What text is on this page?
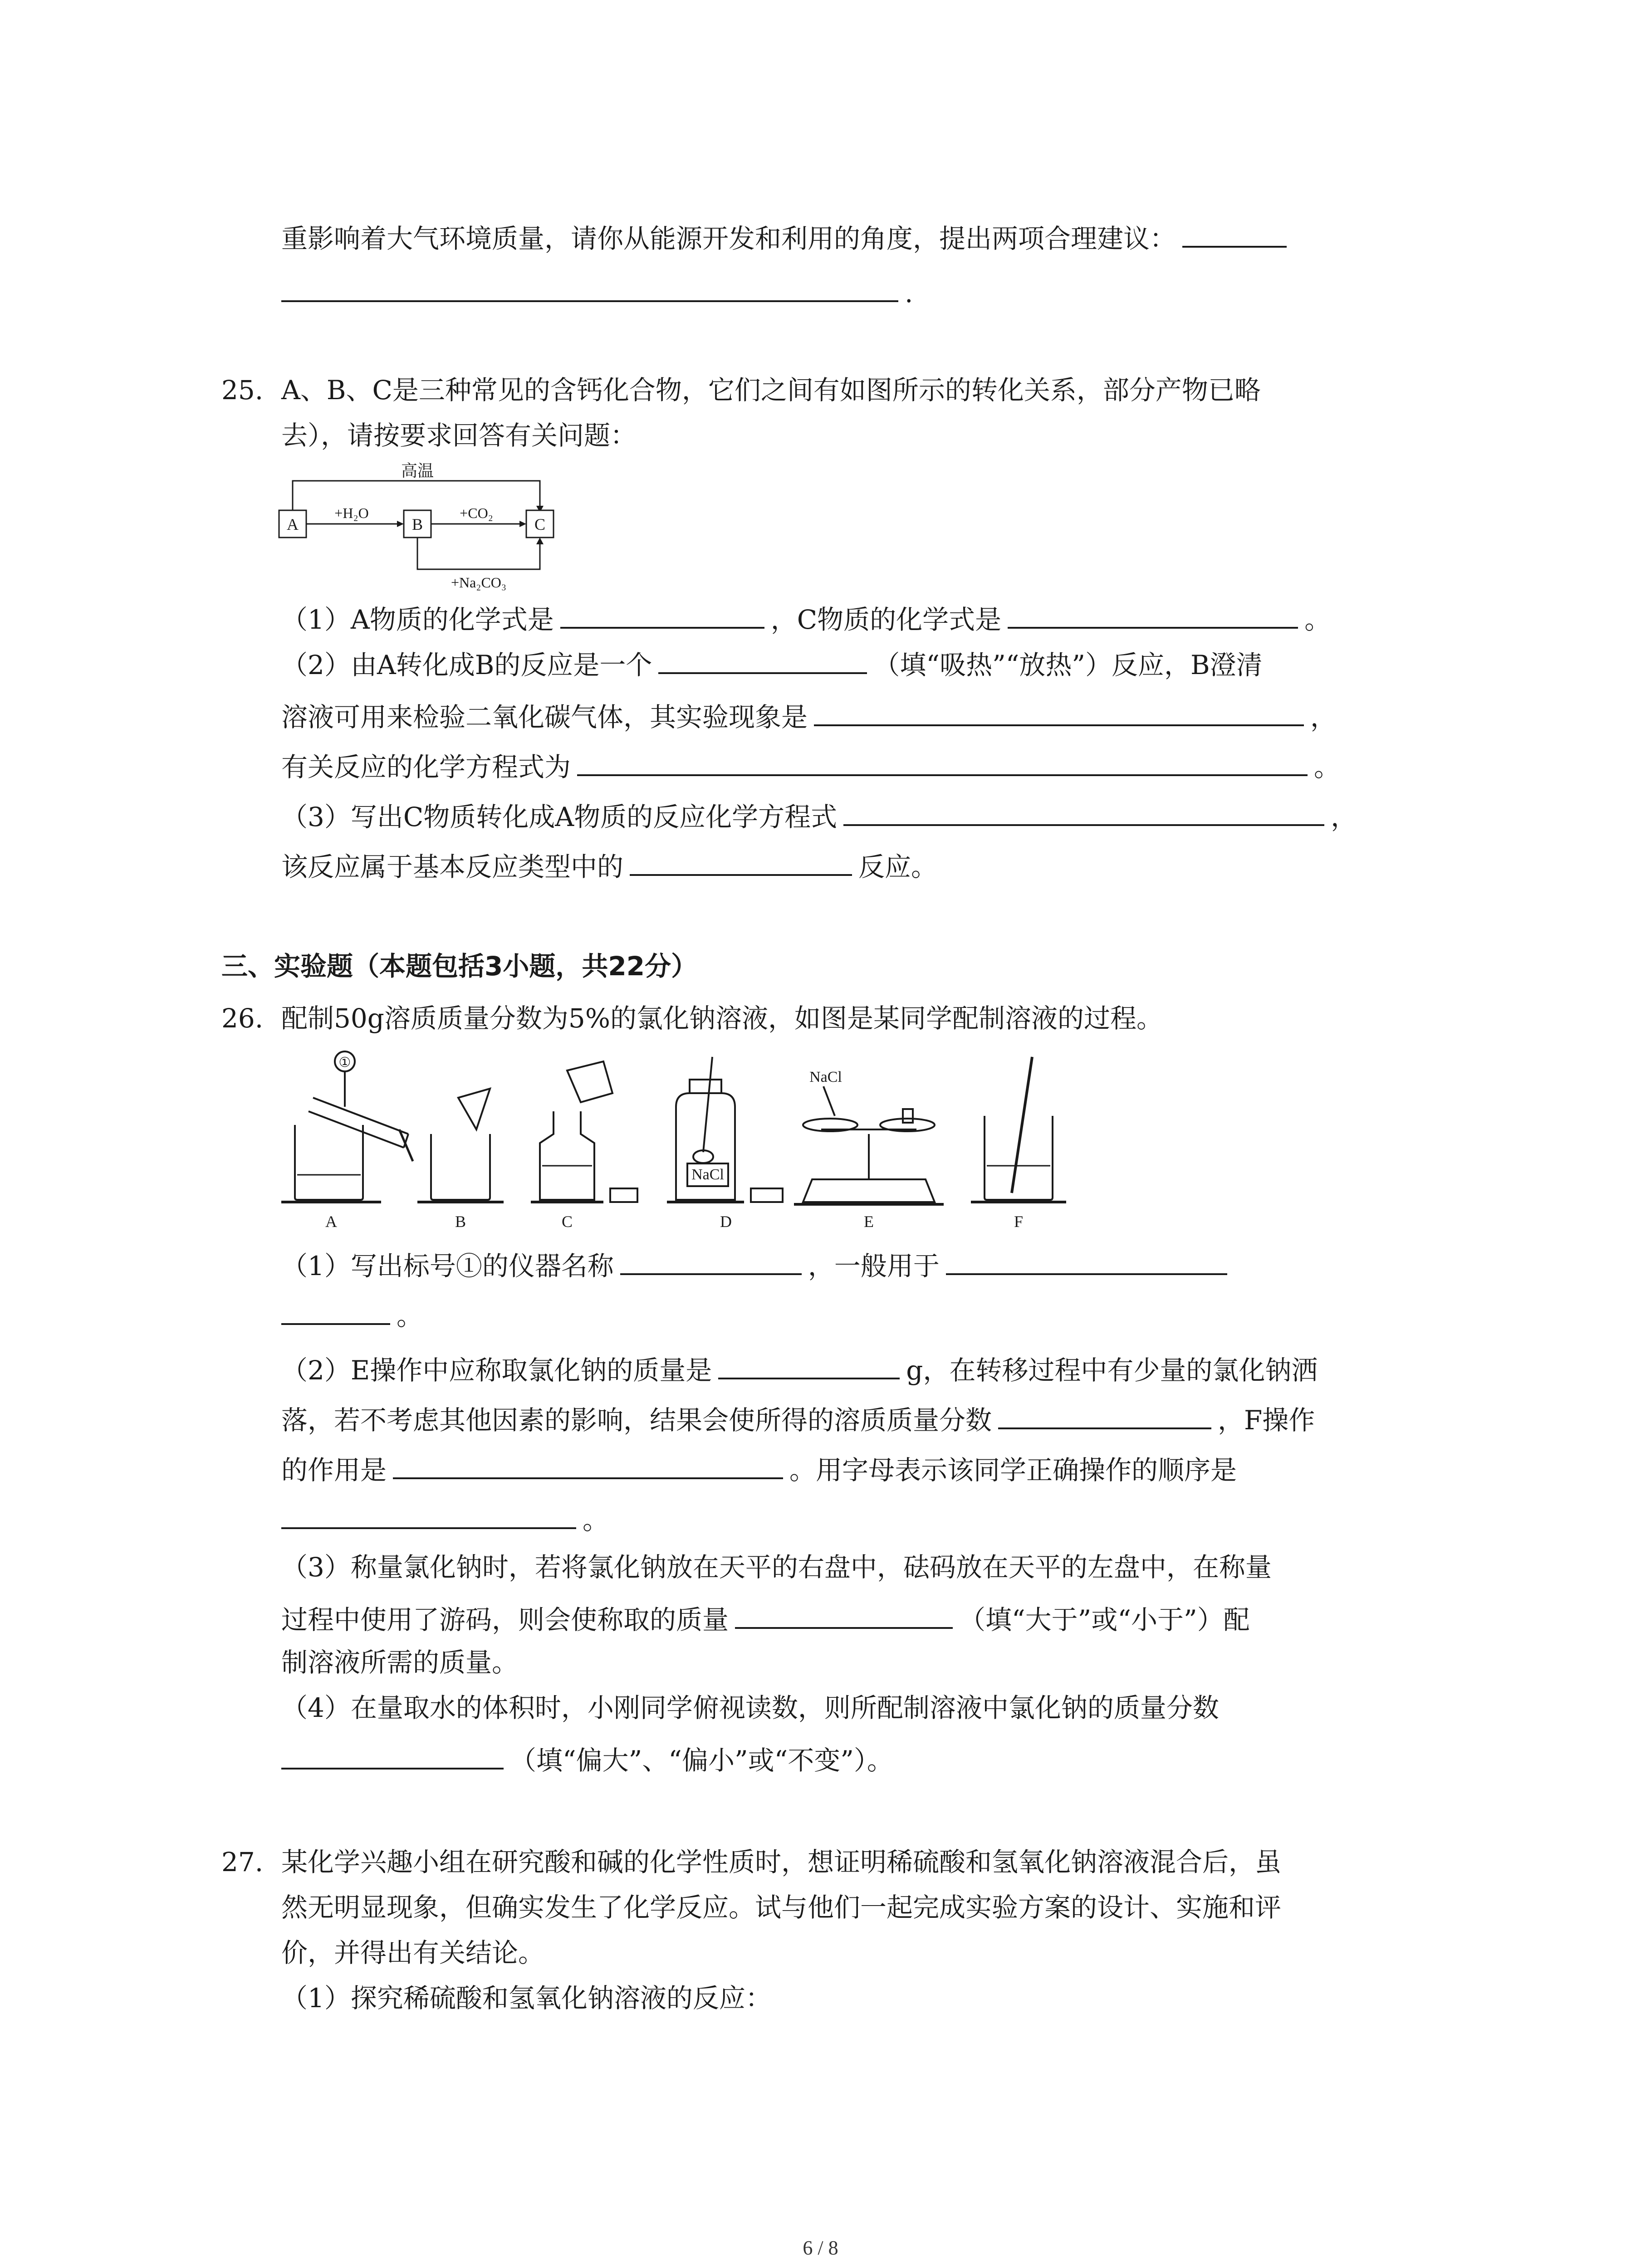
重影响着大气环境质量，请你从能源开发和利用的角度，提出两项合理建议：
.
25. A、B、C是三种常见的含钙化合物，它们之间有如图所示的转化关系，部分产物已略
去），请按要求回答有关问题：
高温
A
+H₂O
B
+CO₂
C
+Na₂CO₃
（1）A物质的化学式是	，C物质的化学式是	。
（2）由A转化成B的反应是一个	（填“吸热”“放热”）反应，B澄清
溶液可用来检验二氧化碳气体，其实验现象是	，
有关反应的化学方程式为	。
（3）写出C物质转化成A物质的反应化学方程式	，
该反应属于基本反应类型中的	反应。
三、实验题（本题包括3小题，共22分）
26. 配制50g溶质质量分数为5%的氯化钠溶液，如图是某同学配制溶液的过程。
①
NaCl
NaCl
A	B	C	D	E	F
（1）写出标号①的仪器名称	，一般用于
。
（2）E操作中应称取氯化钠的质量是	g，在转移过程中有少量的氯化钠洒
落，若不考虑其他因素的影响，结果会使所得的溶质质量分数	，F操作
的作用是	。用字母表示该同学正确操作的顺序是
。
（3）称量氯化钠时，若将氯化钠放在天平的右盘中，砝码放在天平的左盘中，在称量
过程中使用了游码，则会使称取的质量	（填“大于”或“小于”）配
制溶液所需的质量。
（4）在量取水的体积时，小刚同学俯视读数，则所配制溶液中氯化钠的质量分数
（填“偏大”、“偏小”或“不变”）。
27. 某化学兴趣小组在研究酸和碱的化学性质时，想证明稀硫酸和氢氧化钠溶液混合后，虽
然无明显现象，但确实发生了化学反应。试与他们一起完成实验方案的设计、实施和评
价，并得出有关结论。
（1）探究稀硫酸和氢氧化钠溶液的反应：
6 / 8
